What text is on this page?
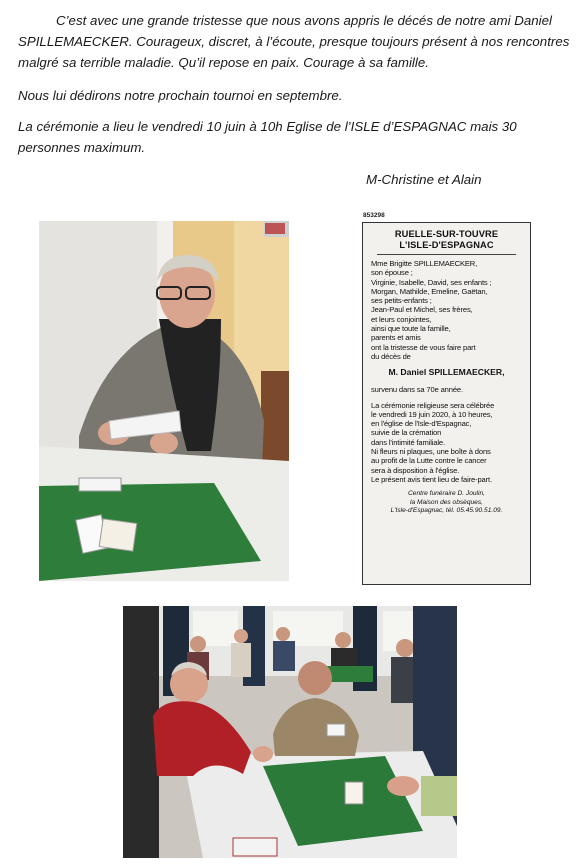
C’est avec une grande tristesse que nous avons appris le décés de notre ami Daniel SPILLEMAECKER. Courageux, discret, à l’écoute, presque toujours présent à nos rencontres malgré sa terrible maladie. Qu’il repose en paix. Courage à sa famille.

Nous lui dédirons notre prochain tournoi en septembre.

La cérémonie a lieu le vendredi 10 juin à 10h Eglise de l’ISLE d’ESPAGNAC mais 30 personnes maximum.

M-Christine et Alain
853298
RUELLE-SUR-TOUVRE
L'ISLE-D'ESPAGNAC
Mme Brigitte SPILLEMAECKER,
son épouse ;
Virginie, Isabelle, David, ses enfants ;
Morgan, Mathilde, Emeline, Gaëtan,
ses petits-enfants ;
Jean-Paul et Michel, ses frères,
et leurs conjointes,
ainsi que toute la famille,
parents et amis
ont la tristesse de vous faire part
du décès de
M. Daniel SPILLEMAECKER,
survenu dans sa 70e année.
La cérémonie religieuse sera célébrée
le vendredi 19 juin 2020, à 10 heures,
en l'église de l'Isle-d'Espagnac,
suivie de la crémation
dans l'intimité familiale.
Ni fleurs ni plaques, une boîte à dons
au profit de la Lutte contre le cancer
sera à disposition à l'église.
Le présent avis tient lieu de faire-part.
Centre funéraire D. Joulin,
la Maison des obsèques,
L'Isle-d'Espagnac, tél. 05.45.90.51.09.
